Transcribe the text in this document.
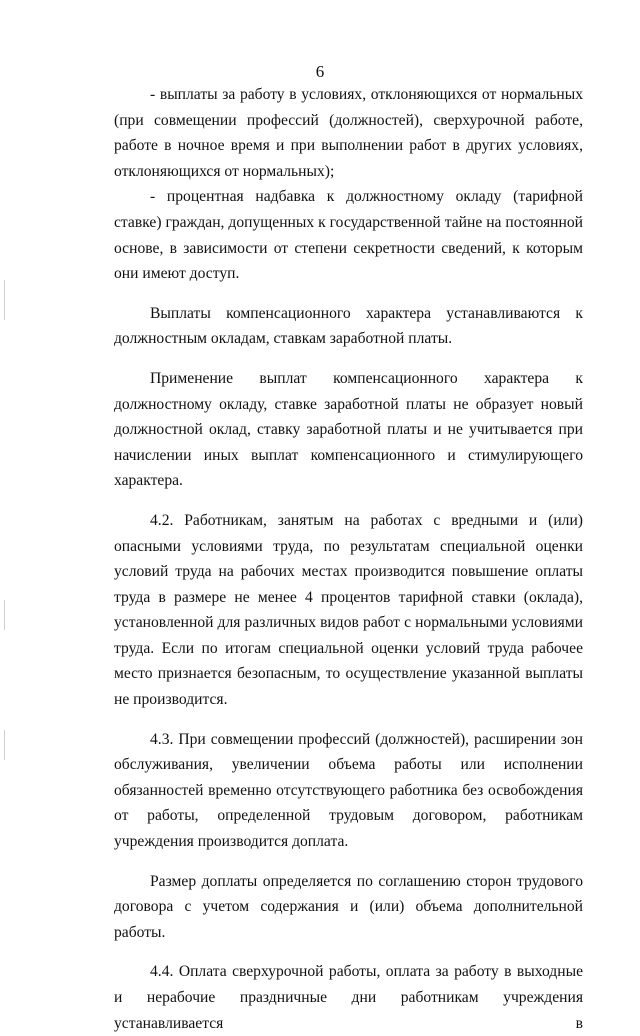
6

- выплаты за работу в условиях, отклоняющихся от нормальных (при совмещении профессий (должностей), сверхурочной работе, работе в ночное время и при выполнении работ в других условиях, отклоняющихся от нормальных);

- процентная надбавка к должностному окладу (тарифной ставке) граждан, допущенных к государственной тайне на постоянной основе, в зависимости от степени секретности сведений, к которым они имеют доступ.

Выплаты компенсационного характера устанавливаются к должностным окладам, ставкам заработной платы.

Применение выплат компенсационного характера к должностному окладу, ставке заработной платы не образует новый должностной оклад, ставку заработной платы и не учитывается при начислении иных выплат компенсационного и стимулирующего характера.

4.2. Работникам, занятым на работах с вредными и (или) опасными условиями труда, по результатам специальной оценки условий труда на рабочих местах производится повышение оплаты труда в размере не менее 4 процентов тарифной ставки (оклада), установленной для различных видов работ с нормальными условиями труда. Если по итогам специальной оценки условий труда рабочее место признается безопасным, то осуществление указанной выплаты не производится.

4.3. При совмещении профессий (должностей), расширении зон обслуживания, увеличении объема работы или исполнении обязанностей временно отсутствующего работника без освобождения от работы, определенной трудовым договором, работникам учреждения производится доплата.

Размер доплаты определяется по соглашению сторон трудового договора с учетом содержания и (или) объема дополнительной работы.

4.4. Оплата сверхурочной работы, оплата за работу в выходные и нерабочие праздничные дни работникам учреждения устанавливается в
